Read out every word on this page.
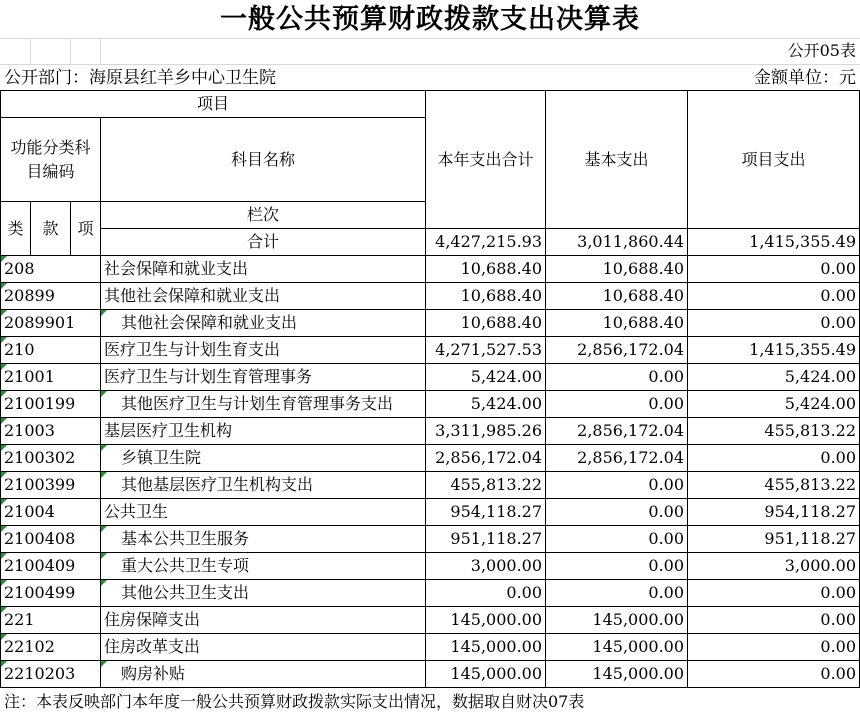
一般公共预算财政拨款支出决算表
公开05表
公开部门：海原县红羊乡中心卫生院	金额单位：元
项目				本年支出合计	基本支出	项目支出	
功能分类科目编码			科目名称				

类	款	项	栏次			
			合计	4,427,215.93	3,011,860.44	1,415,355.49	
208			社会保障和就业支出	10,688.40	10,688.40	0.00	
20899			其他社会保障和就业支出	10,688.40	10,688.40	0.00	
2089901			其他社会保障和就业支出	10,688.40	10,688.40	0.00	
210			医疗卫生与计划生育支出	4,271,527.53	2,856,172.04	1,415,355.49	
21001			医疗卫生与计划生育管理事务	5,424.00	0.00	5,424.00	
2100199			其他医疗卫生与计划生育管理事务支出	5,424.00	0.00	5,424.00	
21003			基层医疗卫生机构	3,311,985.26	2,856,172.04	455,813.22	
2100302			乡镇卫生院	2,856,172.04	2,856,172.04	0.00	
2100399			其他基层医疗卫生机构支出	455,813.22	0.00	455,813.22	
21004			公共卫生	954,118.27	0.00	954,118.27	
2100408			基本公共卫生服务	951,118.27	0.00	951,118.27	
2100409			重大公共卫生专项	3,000.00	0.00	3,000.00	
2100499			其他公共卫生支出	0.00	0.00	0.00	
221			住房保障支出	145,000.00	145,000.00	0.00	
22102			住房改革支出	145,000.00	145,000.00	0.00	
2210203			购房补贴	145,000.00	145,000.00	0.00	
注：本表反映部门本年度一般公共预算财政拨款实际支出情况，数据取自财决07表
